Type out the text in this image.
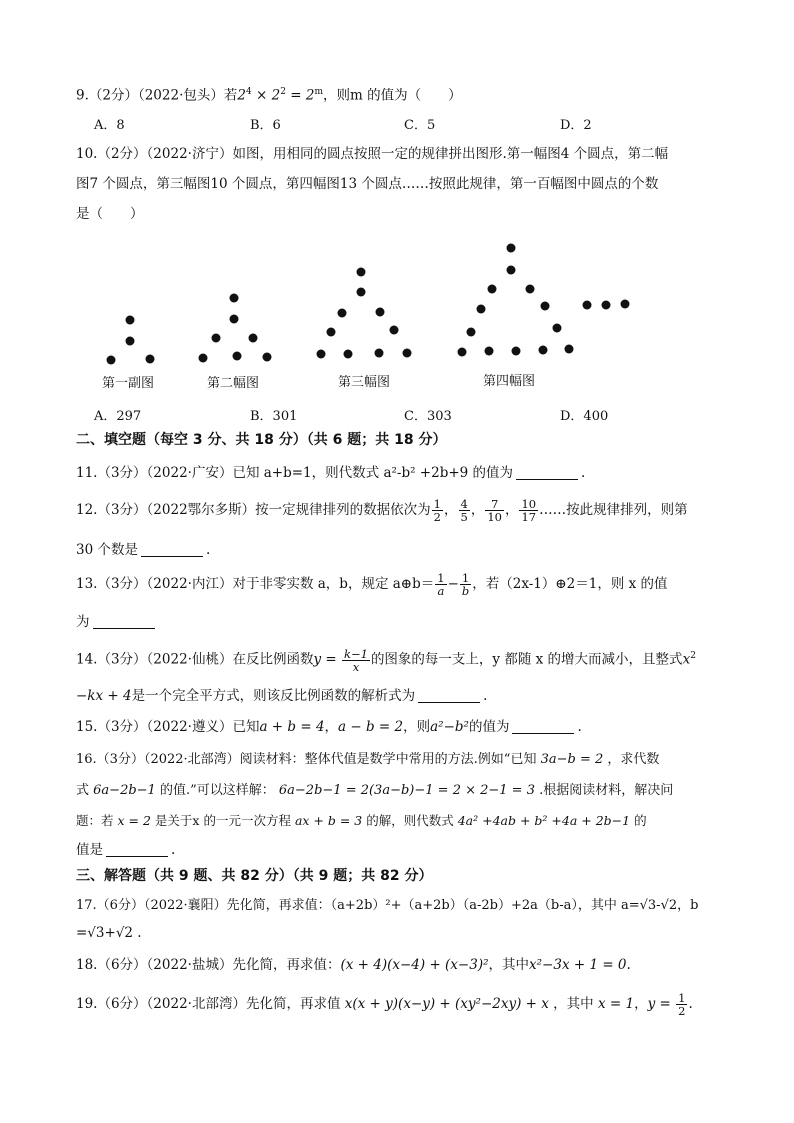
9.（2分）（2022·包头）若$2^4 \times 2^2 = 2^m$，则m 的值为（　　）
A．8	B．6	C．5	D．2
10.（2分）（2022·济宁）如图，用相同的圆点按照一定的规律拼出图形.第一幅图4 个圆点，第二幅
图7 个圆点，第三幅图10 个圆点，第四幅图13 个圆点……按照此规律，第一百幅图中圆点的个数
是（　　）
第一副图	第二幅图	第三幅图	第四幅图
A．297	B．301	C．303	D．400
二、填空题（每空 3 分、共 18 分）（共 6 题；共 18 分）
11.（3分）（2022·广安）已知 a+b=1，则代数式 a²-b² +2b+9 的值为	.
12.（3分）（2022鄂尔多斯）按一定规律排列的数据依次为 $\frac{1}{2}$ ， $\frac{4}{5}$ ， $\frac{7}{10}$ ， $\frac{10}{17}$ ……按此规律排列，则第
30 个数是	.
13.（3分）（2022·内江）对于非零实数 a，b，规定 a⊕b＝ $\frac{1}{a} - \frac{1}{b}$ ，若（2x-1）⊕2＝1，则 x 的值
为
14.（3分）（2022·仙桃）在反比例函数$y = \frac{k-1}{x}$ 的图象的每一支上，y 都随 x 的增大而减小，且整式$x^2$
−kx + 4是一个完全平方式，则该反比例函数的解析式为	.
15.（3分）（2022·遵义）已知a + b = 4，a − b = 2，则a²−b²的值为	.
16.（3分）（2022·北部湾）阅读材料：整体代值是数学中常用的方法.例如“已知 3a−b = 2 ，求代数
式 6a−2b−1 的值.”可以这样解： 6a−2b−1 = 2(3a−b)−1 = 2 × 2−1 = 3 .根据阅读材料，解决问
题：若 x = 2 是关于x 的一元一次方程 ax + b = 3 的解，则代数式 4a² +4ab + b² +4a + 2b−1 的
值是	.
三、解答题（共 9 题、共 82 分）（共 9 题；共 82 分）
17.（6分）（2022·襄阳）先化简，再求值：（a+2b）²+（a+2b）（a-2b）+2a（b-a），其中 a=√3-√2，b
=√3+√2 .
18.（6分）（2022·盐城）先化简，再求值：(x + 4)(x−4) + (x−3)²，其中x²−3x + 1 = 0.
19.（6分）（2022·北部湾）先化简，再求值 x(x + y)(x−y) + (xy²−2xy) + x ，其中 x = 1，$y = \frac{1}{2}$ .
